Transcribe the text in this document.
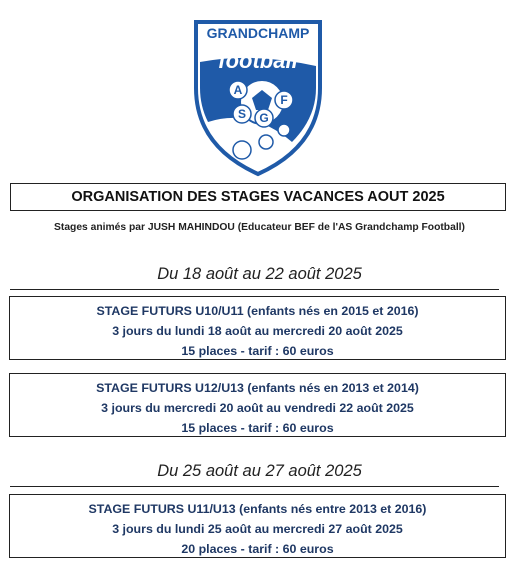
GRANDCHAMP
football
A
S
F
G
ORGANISATION DES STAGES VACANCES AOUT 2025
Stages animés par JUSH MAHINDOU (Educateur BEF de l'AS Grandchamp Football)
Du 18 août au 22 août 2025
STAGE FUTURS U10/U11 (enfants nés en 2015 et 2016)
3 jours du lundi 18 août au mercredi 20 août 2025
15 places - tarif : 60 euros
STAGE FUTURS U12/U13 (enfants nés en 2013 et 2014)
3 jours du mercredi 20 août au vendredi 22 août 2025
15 places - tarif : 60 euros
Du 25 août au 27 août 2025
STAGE FUTURS U11/U13 (enfants nés entre 2013 et 2016)
3 jours du lundi 25 août au mercredi 27 août 2025
20 places - tarif : 60 euros
